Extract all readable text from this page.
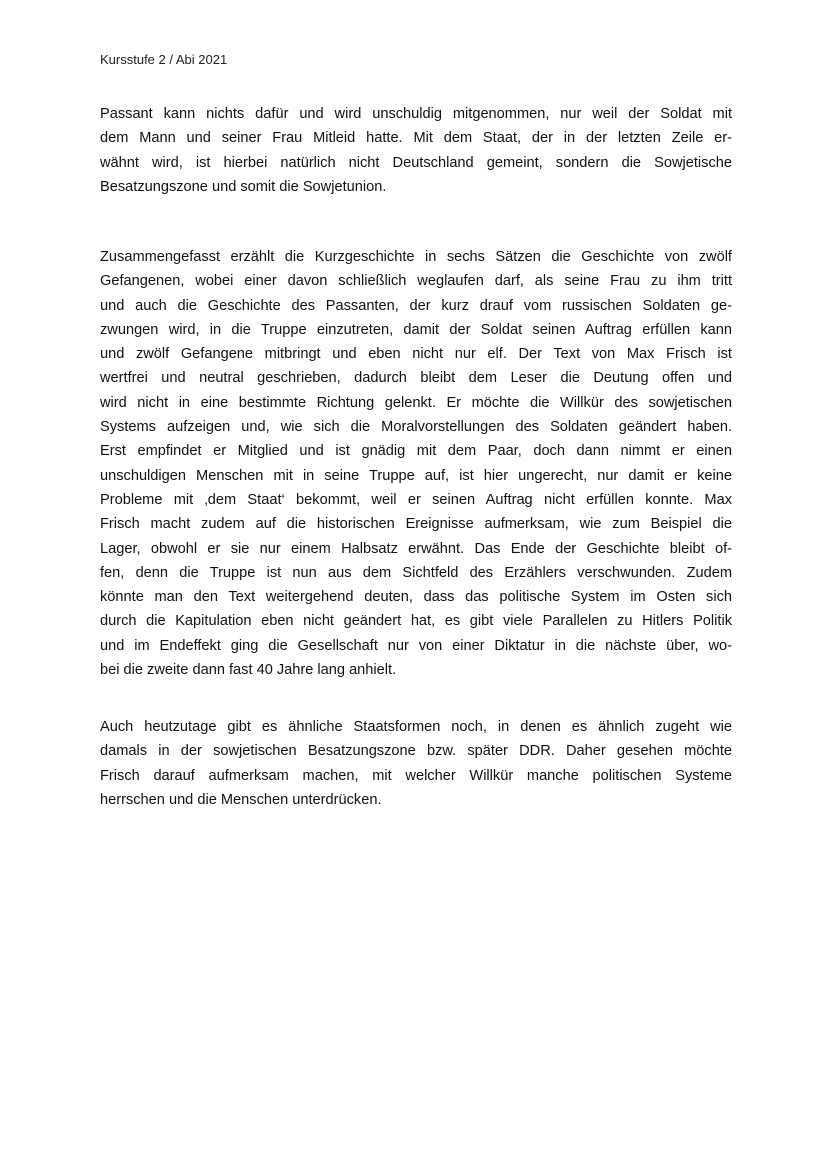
Kursstufe 2 / Abi 2021
Passant kann nichts dafür und wird unschuldig mitgenommen, nur weil der Soldat mit
dem Mann und seiner Frau Mitleid hatte. Mit dem Staat, der in der letzten Zeile er-
wähnt wird, ist hierbei natürlich nicht Deutschland gemeint, sondern die Sowjetische
Besatzungszone und somit die Sowjetunion.
Zusammengefasst erzählt die Kurzgeschichte in sechs Sätzen die Geschichte von zwölf
Gefangenen, wobei einer davon schließlich weglaufen darf, als seine Frau zu ihm tritt
und auch die Geschichte des Passanten, der kurz drauf vom russischen Soldaten ge-
zwungen wird, in die Truppe einzutreten, damit der Soldat seinen Auftrag erfüllen kann
und zwölf Gefangene mitbringt und eben nicht nur elf. Der Text von Max Frisch ist
wertfrei und neutral geschrieben, dadurch bleibt dem Leser die Deutung offen und
wird nicht in eine bestimmte Richtung gelenkt. Er möchte die Willkür des sowjetischen
Systems aufzeigen und, wie sich die Moralvorstellungen des Soldaten geändert haben.
Erst empfindet er Mitglied und ist gnädig mit dem Paar, doch dann nimmt er einen
unschuldigen Menschen mit in seine Truppe auf, ist hier ungerecht, nur damit er keine
Probleme mit ‚dem Staat‘ bekommt, weil er seinen Auftrag nicht erfüllen konnte. Max
Frisch macht zudem auf die historischen Ereignisse aufmerksam, wie zum Beispiel die
Lager, obwohl er sie nur einem Halbsatz erwähnt. Das Ende der Geschichte bleibt of-
fen, denn die Truppe ist nun aus dem Sichtfeld des Erzählers verschwunden. Zudem
könnte man den Text weitergehend deuten, dass das politische System im Osten sich
durch die Kapitulation eben nicht geändert hat, es gibt viele Parallelen zu Hitlers Politik
und im Endeffekt ging die Gesellschaft nur von einer Diktatur in die nächste über, wo-
bei die zweite dann fast 40 Jahre lang anhielt.
Auch heutzutage gibt es ähnliche Staatsformen noch, in denen es ähnlich zugeht wie
damals in der sowjetischen Besatzungszone bzw. später DDR. Daher gesehen möchte
Frisch darauf aufmerksam machen, mit welcher Willkür manche politischen Systeme
herrschen und die Menschen unterdrücken.
